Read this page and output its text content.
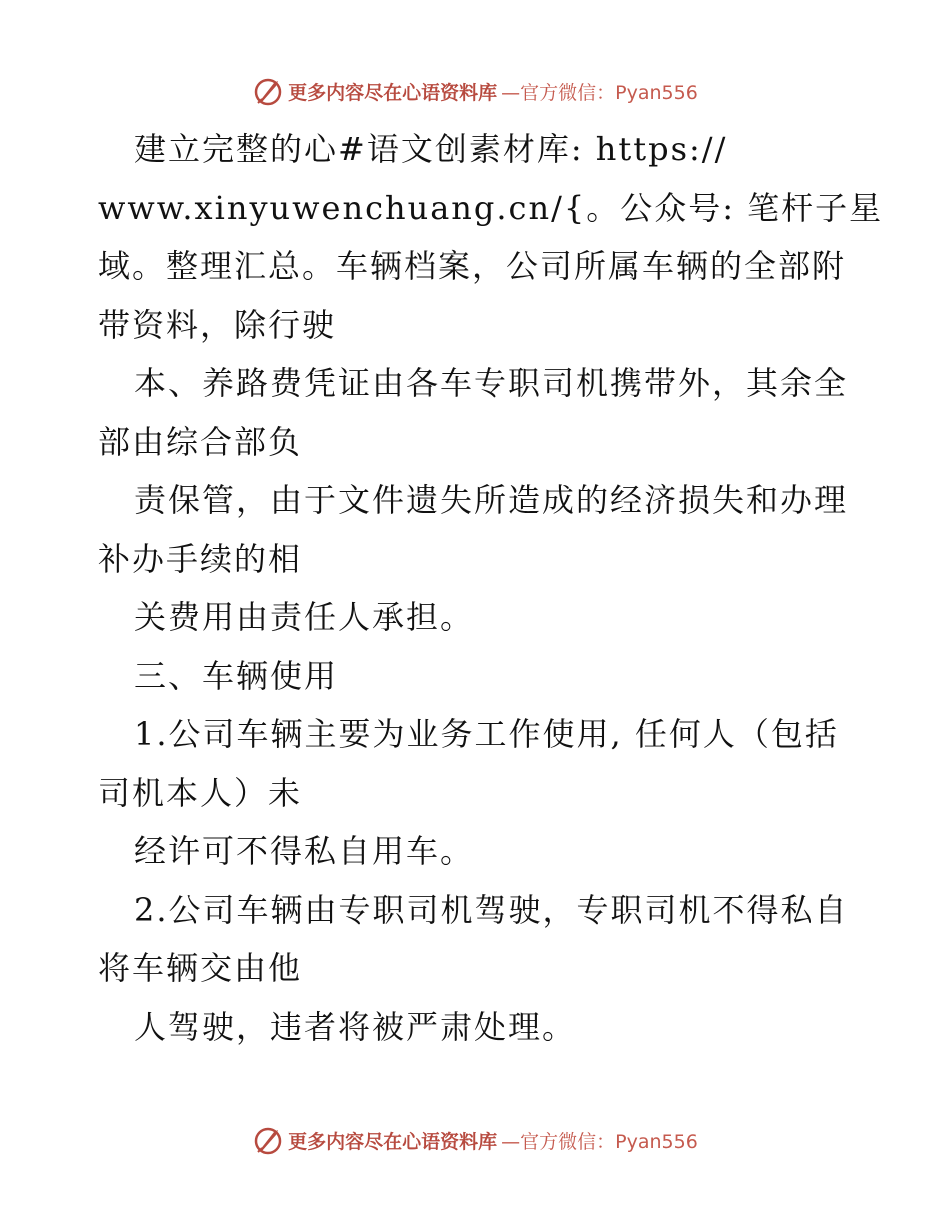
更多内容尽在心语资料库 —官方微信：Pyan556
建立完整的心#语文创素材库: https://
www.xinyuwenchuang.cn/{。公众号: 笔杆子星
域。整理汇总。车辆档案，公司所属车辆的全部附
带资料，除行驶
本、养路费凭证由各车专职司机携带外，其余全
部由综合部负
责保管，由于文件遗失所造成的经济损失和办理
补办手续的相
关费用由责任人承担。
三、车辆使用
1.公司车辆主要为业务工作使用, 任何人（包括
司机本人）未
经许可不得私自用车。
2.公司车辆由专职司机驾驶，专职司机不得私自
将车辆交由他
人驾驶，违者将被严肃处理。
更多内容尽在心语资料库 —官方微信：Pyan556
